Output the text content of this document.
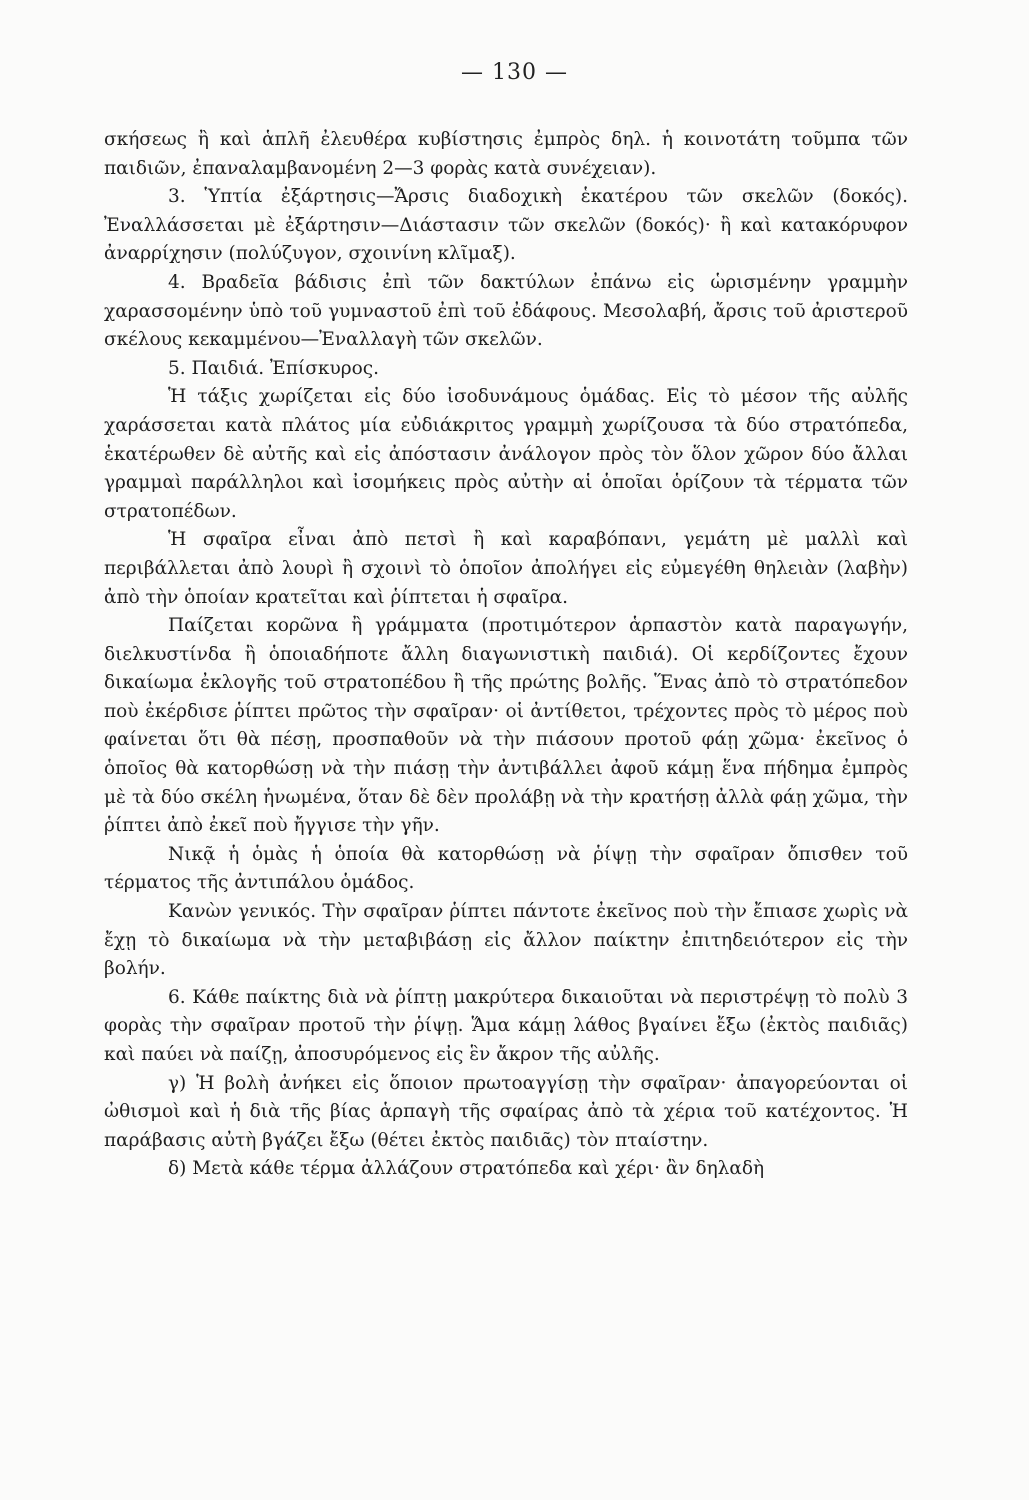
— 130 —

σκήσεως ἢ καὶ ἁπλῆ ἐλευθέρα κυβίστησις ἐμπρὸς δηλ. ἡ κοινοτάτη τοῦμπα τῶν παιδιῶν, ἐπαναλαμβανομένη 2—3 φορὰς κατὰ συνέχειαν).

3. Ὑπτία ἐξάρτησις—Ἄρσις διαδοχικὴ ἑκατέρου τῶν σκελῶν (δοκός). Ἐναλλάσσεται μὲ ἐξάρτησιν—Διάστασιν τῶν σκελῶν (δοκός)· ἢ καὶ κατακόρυφον ἀναρρίχησιν (πολύζυγον, σχοινίνη κλῖμαξ).

4. Βραδεῖα βάδισις ἐπὶ τῶν δακτύλων ἐπάνω εἰς ὡρισμένην γραμμὴν χαρασσομένην ὑπὸ τοῦ γυμναστοῦ ἐπὶ τοῦ ἐδάφους. Μεσολαβή, ἄρσις τοῦ ἀριστεροῦ σκέλους κεκαμμένου—Ἐναλλαγὴ τῶν σκελῶν.

5. Παιδιά. Ἐπίσκυρος.

Ἡ τάξις χωρίζεται εἰς δύο ἰσοδυνάμους ὁμάδας. Εἰς τὸ μέσον τῆς αὐλῆς χαράσσεται κατὰ πλάτος μία εὐδιάκριτος γραμμὴ χωρίζουσα τὰ δύο στρατόπεδα, ἑκατέρωθεν δὲ αὐτῆς καὶ εἰς ἀπόστασιν ἀνάλογον πρὸς τὸν ὅλον χῶρον δύο ἄλλαι γραμμαὶ παράλληλοι καὶ ἰσομήκεις πρὸς αὐτὴν αἱ ὁποῖαι ὁρίζουν τὰ τέρματα τῶν στρατοπέδων.

Ἡ σφαῖρα εἶναι ἀπὸ πετσὶ ἢ καὶ καραβόπανι, γεμάτη μὲ μαλλὶ καὶ περιβάλλεται ἀπὸ λουρὶ ἢ σχοινὶ τὸ ὁποῖον ἀπολήγει εἰς εὐμεγέθη θηλειὰν (λαβὴν) ἀπὸ τὴν ὁποίαν κρατεῖται καὶ ῥίπτεται ἡ σφαῖρα.

Παίζεται κορῶνα ἢ γράμματα (προτιμότερον ἁρπαστὸν κατὰ παραγωγήν, διελκυστίνδα ἢ ὁποιαδήποτε ἄλλη διαγωνιστικὴ παιδιά). Οἱ κερδίζοντες ἔχουν δικαίωμα ἐκλογῆς τοῦ στρατοπέδου ἢ τῆς πρώτης βολῆς. Ἕνας ἀπὸ τὸ στρατόπεδον ποὺ ἐκέρδισε ῥίπτει πρῶτος τὴν σφαῖραν· οἱ ἀντίθετοι, τρέχοντες πρὸς τὸ μέρος ποὺ φαίνεται ὅτι θὰ πέσῃ, προσπαθοῦν νὰ τὴν πιάσουν προτοῦ φάῃ χῶμα· ἐκεῖνος ὁ ὁποῖος θὰ κατορθώσῃ νὰ τὴν πιάσῃ τὴν ἀντιβάλλει ἀφοῦ κάμῃ ἕνα πήδημα ἐμπρὸς μὲ τὰ δύο σκέλη ἡνωμένα, ὅταν δὲ δὲν προλάβῃ νὰ τὴν κρατήσῃ ἀλλὰ φάῃ χῶμα, τὴν ῥίπτει ἀπὸ ἐκεῖ ποὺ ἤγγισε τὴν γῆν.

Νικᾷ ἡ ὁμὰς ἡ ὁποία θὰ κατορθώσῃ νὰ ῥίψῃ τὴν σφαῖραν ὄπισθεν τοῦ τέρματος τῆς ἀντιπάλου ὁμάδος.

Κανὼν γενικός. Τὴν σφαῖραν ῥίπτει πάντοτε ἐκεῖνος ποὺ τὴν ἔπιασε χωρὶς νὰ ἔχῃ τὸ δικαίωμα νὰ τὴν μεταβιβάσῃ εἰς ἄλλον παίκτην ἐπιτηδειότερον εἰς τὴν βολήν.

6. Κάθε παίκτης διὰ νὰ ῥίπτῃ μακρύτερα δικαιοῦται νὰ περιστρέψῃ τὸ πολὺ 3 φορὰς τὴν σφαῖραν προτοῦ τὴν ῥίψῃ. Ἅμα κάμῃ λάθος βγαίνει ἔξω (ἐκτὸς παιδιᾶς) καὶ παύει νὰ παίζῃ, ἀποσυρόμενος εἰς ἓν ἄκρον τῆς αὐλῆς.

γ) Ἡ βολὴ ἀνήκει εἰς ὅποιον πρωτοαγγίσῃ τὴν σφαῖραν· ἀπαγορεύονται οἱ ὠθισμοὶ καὶ ἡ διὰ τῆς βίας ἁρπαγὴ τῆς σφαίρας ἀπὸ τὰ χέρια τοῦ κατέχοντος. Ἡ παράβασις αὐτὴ βγάζει ἔξω (θέτει ἐκτὸς παιδιᾶς) τὸν πταίστην.

δ) Μετὰ κάθε τέρμα ἀλλάζουν στρατόπεδα καὶ χέρι· ἂν δηλαδὴ
